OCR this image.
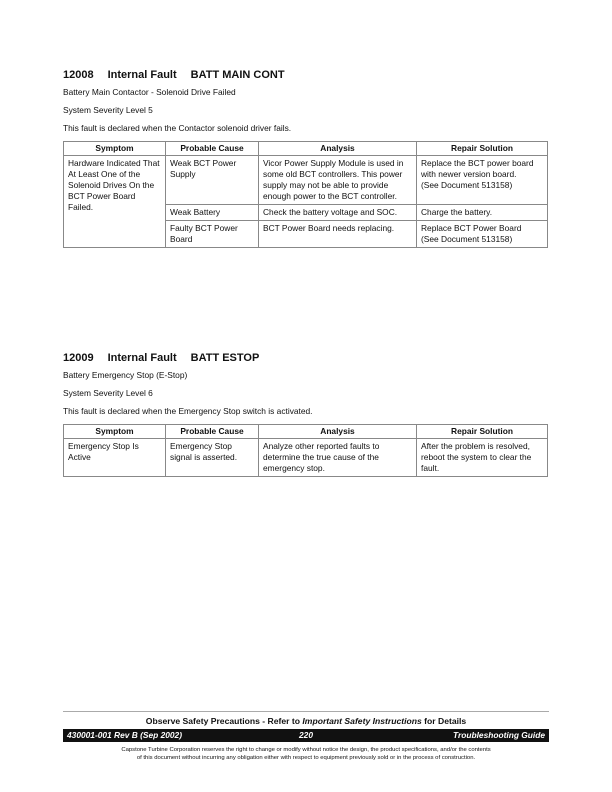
12008 Internal Fault BATT MAIN CONT
Battery Main Contactor - Solenoid Drive Failed
System Severity Level 5
This fault is declared when the Contactor solenoid driver fails.
Symptom	Probable Cause	Analysis	Repair Solution
Hardware Indicated That At Least One of the Solenoid Drives On the BCT Power Board Failed.	Weak BCT Power Supply	Vicor Power Supply Module is used in some old BCT controllers. This power supply may not be able to provide enough power to the BCT controller.	Replace the BCT power board with newer version board.
(See Document 513158)

	Weak Battery	Check the battery voltage and SOC.	Charge the battery.
	Faulty BCT Power Board	BCT Power Board needs replacing.	Replace BCT Power Board
(See Document 513158)
12009 Internal Fault BATT ESTOP
Battery Emergency Stop (E-Stop)
System Severity Level 6
This fault is declared when the Emergency Stop switch is activated.
Symptom	Probable Cause	Analysis	Repair Solution
Emergency Stop Is Active	Emergency Stop signal is asserted.	Analyze other reported faults to determine the true cause of the emergency stop.	After the problem is resolved, reboot the system to clear the fault.
Observe Safety Precautions - Refer to Important Safety Instructions for Details
220
430001-001 Rev B (Sep 2002)	Troubleshooting Guide
Capstone Turbine Corporation reserves the right to change or modify without notice the design, the product specifications, and/or the contents
of this document without incurring any obligation either with respect to equipment previously sold or in the process of construction.
